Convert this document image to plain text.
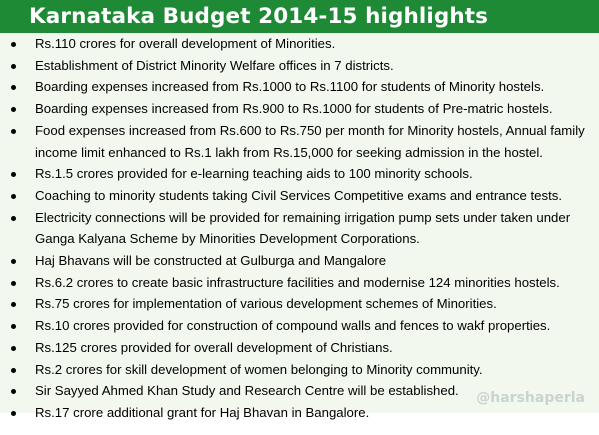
Karnataka Budget 2014-15 highlights
Rs.110 crores for overall development of Minorities.
Establishment of District Minority Welfare offices in 7 districts.
Boarding expenses increased from Rs.1000 to Rs.1100 for students of Minority hostels.
Boarding expenses increased from Rs.900 to Rs.1000 for students of Pre-matric hostels.
Food expenses increased from Rs.600 to Rs.750 per month for Minority hostels, Annual family income limit enhanced to Rs.1 lakh from Rs.15,000 for seeking admission in the hostel.
Rs.1.5 crores provided for e-learning teaching aids to 100 minority schools.
Coaching to minority students taking Civil Services Competitive exams and entrance tests.
Electricity connections will be provided for remaining irrigation pump sets under taken under Ganga Kalyana Scheme by Minorities Development Corporations.
Haj Bhavans will be constructed at Gulburga and Mangalore
Rs.6.2 crores to create basic infrastructure facilities and modernise 124 minorities hostels.
Rs.75 crores for implementation of various development schemes of Minorities.
Rs.10 crores provided for construction of compound walls and fences to wakf properties.
Rs.125 crores provided for overall development of Christians.
Rs.2 crores for skill development of women belonging to Minority community.
Sir Sayyed Ahmed Khan Study and Research Centre will be established.
Rs.17 crore additional grant for Haj Bhavan in Bangalore.
@harshaperla
